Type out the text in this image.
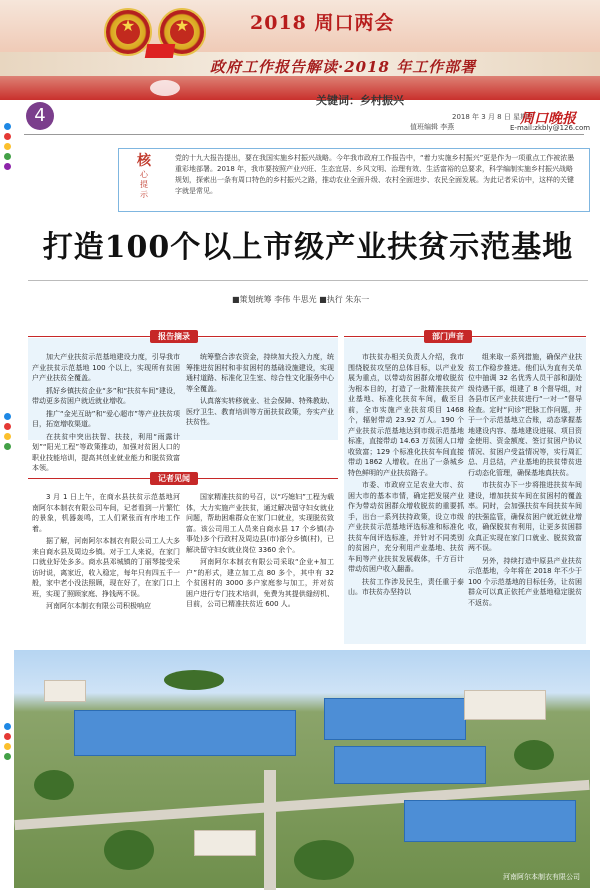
★	★	2018 周口两会
政府工作报告解读·2018 年工作部署
关键词：乡村振兴
4	2018 年 3 月 8 日 星期四
值班编辑 李燕	周口晚报
E-mail:zkbly@126.com
核
心
提
示
党的十九大报告提出，要在我国实施乡村振兴战略。今年我市政府工作报告中，“着力实施乡村振兴”更是作为一项重点工作被浓墨重彩地部署。2018 年，我市要按照产业兴旺、生态宜居、乡风文明、治理有效、生活富裕的总要求，科学编制实施乡村振兴战略规划，探索出一条有周口特色的乡村振兴之路，推动农业全面升级、农村全面进步、农民全面发展。为此记者采访中，这样的关键字就是常见。
打造100个以上市级产业扶贫示范基地
■策划统筹 李伟 牛思光 ■执行 朱东一
报告摘录

加大产业扶贫示范基地建设力度，引导我市产业扶贫示范基地 100 个以上，实现所有贫困户产业扶贫全覆盖。

抓好乡镇扶贫企业“多”和“扶贫车间”建设，带动更多贫困户就近就业增收。

推广“金光互助”和“爱心超市”等产业扶贫项目，拓宽增收渠道。

在扶贫中突出扶智、扶技，利用“雨露计划”“阳光工程”等政策推动，加强对贫困人口的职业技能培训，提高其创业就业能力和脱贫致富本领。

统筹整合涉农资金，持续加大投入力度，统筹推进贫困村和非贫困村的基础设施建设，实现通村道路、标准化卫生室、综合性文化服务中心等全覆盖。

认真落实转移就业、社会保障、特殊教助、医疗卫生、教育培训等方面扶贫政策，夯实产业扶贫性。

记者见闻

3 月 1 日上午，在商水县扶贫示范基地河南阿尔本制衣有限公司车间，记者看到一片繁忙的景象，机器轰鸣，工人们紧张而有序地工作着。

据了解，河南阿尔本制衣有限公司工人大多来自商水县及周边乡镇。对于工人来说，在家门口就业好处多多。商水县邓城镇的丁丽琴接受采访时说，离家近，收入稳定，每年只有四五千一般，家中老小没法照顾，现在好了，在家门口上班，实现了照顾家庭、挣钱两不误。

河南阿尔本制衣有限公司积极响应

国家精准扶贫的号召，以“巧媳妇”工程为载体，大力实施产业扶贫，通过解决留守妇女就业问题，帮助困难群众在家门口就业，实现脱贫致富。该公司用工人员来自商水县 17 个乡镇(办事处)多个行政村及周边县(市)部分乡镇(村)，已解决留守妇女就业岗位 3360 余个。

河南阿尔本制衣有限公司采取“企业+加工户”的形式，建立加工点 80 多个，其中有 32 个贫困村的 3000 多户家庭参与加工，并对贫困户进行专门技术培训，免费为其提供缝纫机、目前，公司已精准扶贫近 600 人。

部门声音

市扶贫办相关负责人介绍，我市围绕脱贫攻坚的总体目标，以产业发展为重点，以带动贫困群众增收脱贫为根本目的，打造了一批精准扶贫产业基地、标准化扶贫车间，截至目前，全市实施产业扶贫项目 1468 个，辐射带动 23.92 万人。190 个产业扶贫示范基地达到市级示范基地标准，直接带动 14.63 万贫困人口增收致富；129 个标准化扶贫车间直接带动 1862 人增收。在出了一条城乡特色鲜明的产业扶贫路子。

市委、市政府立足农业大市、贫困大市的基本市情，确定把发展产业作为带动贫困群众增收脱贫的重要抓手，出台一系列扶持政策，设立市级产业扶贫示范基地评选标准和标准化扶贫车间评选标准，并针对不同类别的贫困户，充分利用产业基地、扶贫车间等产业扶贫发展载体，千方百计带动贫困户收入翻番。

扶贫工作涉及民生，责任重于泰山。市扶贫办坚持以

组来取一系列措施，确保产业扶贫工作稳步推进。他们认为直有关单位中抽调 32 名优秀人员干部和副处级待遇干部，组建了 8 个督导组，对各县市区产业扶贫进行“一对一”督导检查。定时“问诊”把脉工作问题，并于一个示范基地立合账，动态掌握基地建设内容、基地建设进展、项目资金使用、资金额度、签订贫困户协议情况、贫困户受益情况等，实行周汇总、月总结，产业基地的扶贫带贫进行动态化管理，确保基地真扶贫。

市扶贫办下一步将推进扶贫车间建设，增加扶贫车间在贫困村的覆盖率。同时，会加强扶贫车间扶贫车间的扶强监管，确保贫困户就近就业增收，确保脱贫有利用，让更多贫困群众真正实现在家门口就业、脱贫致富两不误。

另外，持续打造中原县产业扶贫示范基地，今年将在 2018 年不少于 100 个示范基地的目标任务，让贫困群众可以真正依托产业基地稳定脱贫不返贫。

河南阿尔本制衣有限公司
